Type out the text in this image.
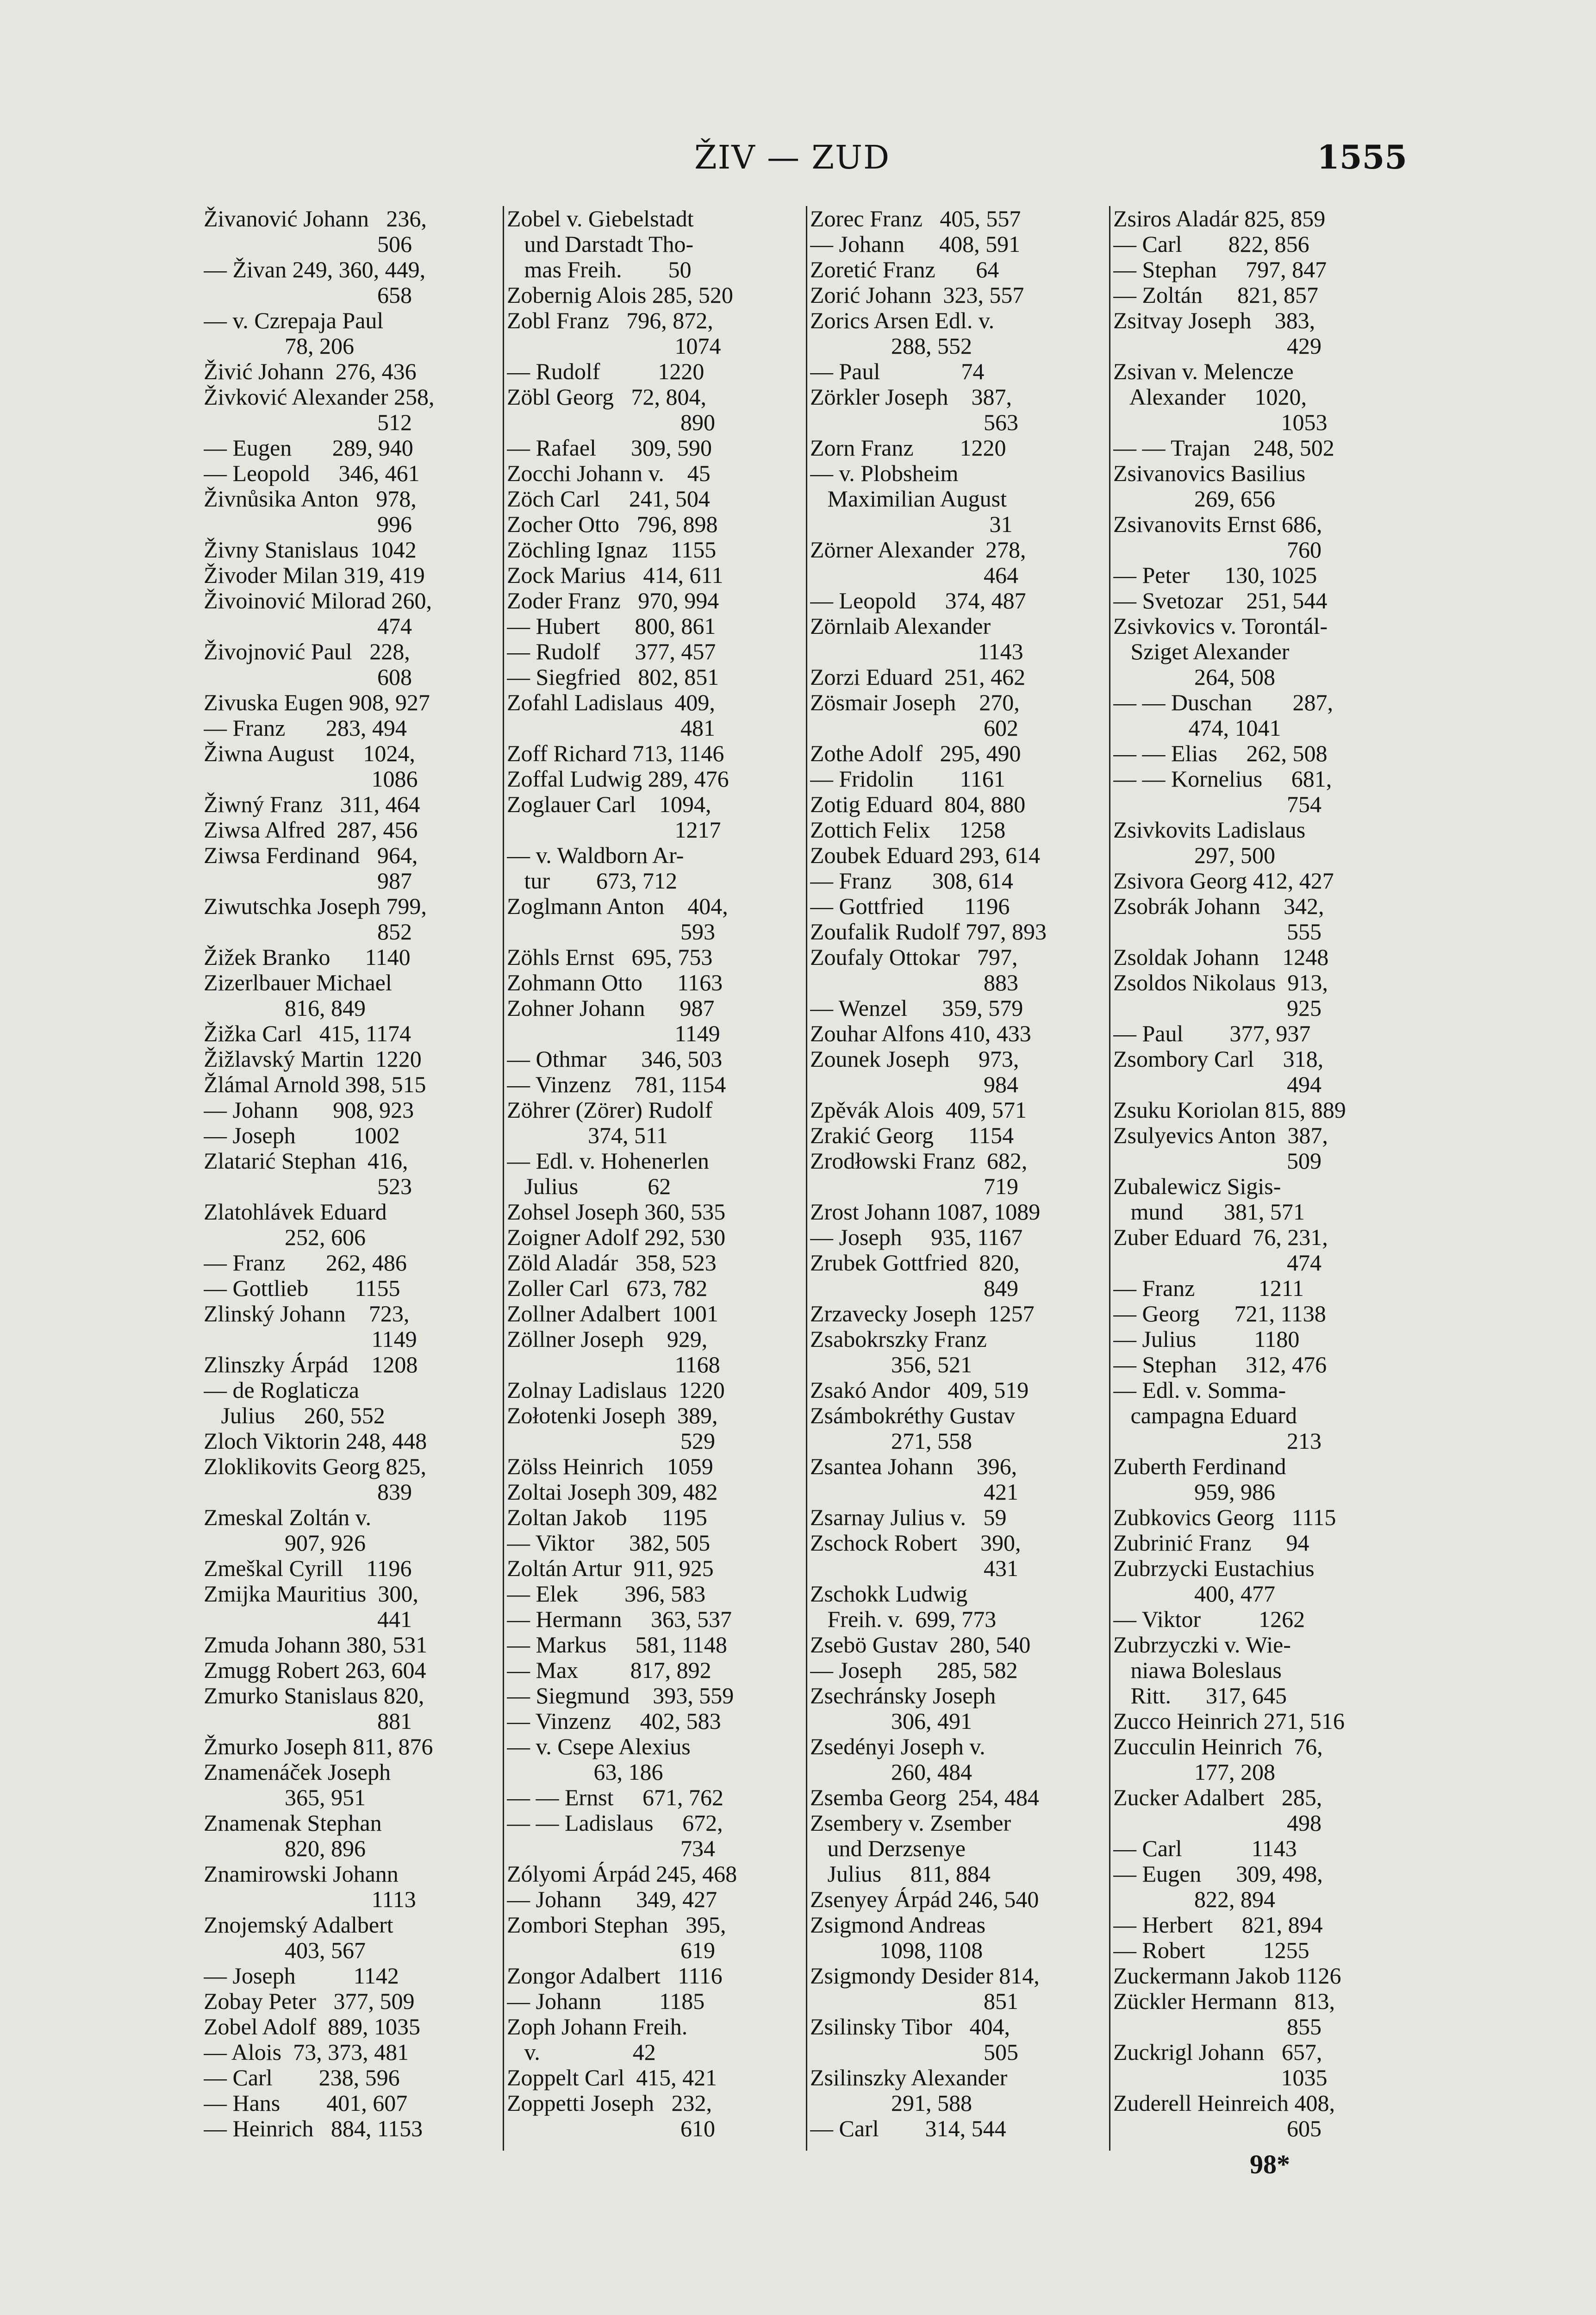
ŽIV — ZUD	1555
Živanović Johann   236,
506
— Živan 249, 360, 449,
658
— v. Czrepaja Paul
78, 206
Živić Johann  276, 436
Živković Alexander 258,
512
— Eugen       289, 940
— Leopold     346, 461
Živnůsika Anton   978,
996
Živny Stanislaus  1042
Živoder Milan 319, 419
Živoinović Milorad 260,
474
Živojnović Paul   228,
608
Zivuska Eugen 908, 927
— Franz       283, 494
Žiwna August     1024,
1086
Žiwný Franz   311, 464
Ziwsa Alfred  287, 456
Ziwsa Ferdinand   964,
987
Ziwutschka Joseph 799,
852
Žižek Branko      1140
Zizerlbauer Michael
816, 849
Žižka Carl   415, 1174
Žižlavský Martin  1220
Žlámal Arnold 398, 515
— Johann      908, 923
— Joseph          1002
Zlatarić Stephan  416,
523
Zlatohlávek Eduard
252, 606
— Franz       262, 486
— Gottlieb        1155
Zlinský Johann    723,
1149
Zlinszky Árpád    1208
— de Roglaticza
Julius     260, 552
Zloch Viktorin 248, 448
Zloklikovits Georg 825,
839
Zmeskal Zoltán v.
907, 926
Zmeškal Cyrill    1196
Zmijka Mauritius  300,
441
Zmuda Johann 380, 531
Zmugg Robert 263, 604
Zmurko Stanislaus 820,
881
Žmurko Joseph 811, 876
Znamenáček Joseph
365, 951
Znamenak Stephan
820, 896
Znamirowski Johann
1113
Znojemský Adalbert
403, 567
— Joseph          1142
Zobay Peter   377, 509
Zobel Adolf  889, 1035
— Alois  73, 373, 481
— Carl        238, 596
— Hans        401, 607
— Heinrich   884, 1153
Zobel v. Giebelstadt
und Darstadt Tho-
mas Freih.        50
Zobernig Alois 285, 520
Zobl Franz   796, 872,
1074
— Rudolf          1220
Zöbl Georg   72, 804,
890
— Rafael      309, 590
Zocchi Johann v.    45
Zöch Carl     241, 504
Zocher Otto   796, 898
Zöchling Ignaz    1155
Zock Marius   414, 611
Zoder Franz   970, 994
— Hubert      800, 861
— Rudolf      377, 457
— Siegfried   802, 851
Zofahl Ladislaus  409,
481
Zoff Richard 713, 1146
Zoffal Ludwig 289, 476
Zoglauer Carl    1094,
1217
— v. Waldborn Ar-
tur        673, 712
Zoglmann Anton    404,
593
Zöhls Ernst   695, 753
Zohmann Otto      1163
Zohner Johann      987
1149
— Othmar      346, 503
— Vinzenz    781, 1154
Zöhrer (Zörer) Rudolf
374, 511
— Edl. v. Hohenerlen
Julius            62
Zohsel Joseph 360, 535
Zoigner Adolf 292, 530
Zöld Aladár   358, 523
Zoller Carl   673, 782
Zollner Adalbert  1001
Zöllner Joseph    929,
1168
Zolnay Ladislaus  1220
Zołotenki Joseph  389,
529
Zölss Heinrich    1059
Zoltai Joseph 309, 482
Zoltan Jakob      1195
— Viktor      382, 505
Zoltán Artur  911, 925
— Elek        396, 583
— Hermann     363, 537
— Markus     581, 1148
— Max         817, 892
— Siegmund    393, 559
— Vinzenz     402, 583
— v. Csepe Alexius
63, 186
— — Ernst     671, 762
— — Ladislaus     672,
734
Zólyomi Árpád 245, 468
— Johann      349, 427
Zombori Stephan   395,
619
Zongor Adalbert   1116
— Johann          1185
Zoph Johann Freih.
v.                42
Zoppelt Carl  415, 421
Zoppetti Joseph   232,
610
Zorec Franz   405, 557
— Johann      408, 591
Zoretić Franz       64
Zorić Johann  323, 557
Zorics Arsen Edl. v.
288, 552
— Paul              74
Zörkler Joseph    387,
563
Zorn Franz        1220
— v. Plobsheim
Maximilian August
31
Zörner Alexander  278,
464
— Leopold     374, 487
Zörnlaib Alexander
1143
Zorzi Eduard  251, 462
Zösmair Joseph    270,
602
Zothe Adolf   295, 490
— Fridolin        1161
Zotig Eduard  804, 880
Zottich Felix     1258
Zoubek Eduard 293, 614
— Franz       308, 614
— Gottfried       1196
Zoufalik Rudolf 797, 893
Zoufaly Ottokar   797,
883
— Wenzel      359, 579
Zouhar Alfons 410, 433
Zounek Joseph     973,
984
Zpěvák Alois  409, 571
Zrakić Georg      1154
Zrodłowski Franz  682,
719
Zrost Johann 1087, 1089
— Joseph     935, 1167
Zrubek Gottfried  820,
849
Zrzavecky Joseph  1257
Zsabokrszky Franz
356, 521
Zsakó Andor   409, 519
Zsámbokréthy Gustav
271, 558
Zsantea Johann    396,
421
Zsarnay Julius v.   59
Zschock Robert    390,
431
Zschokk Ludwig
Freih. v.  699, 773
Zsebö Gustav  280, 540
— Joseph      285, 582
Zsechránsky Joseph
306, 491
Zsedényi Joseph v.
260, 484
Zsemba Georg  254, 484
Zsembery v. Zsember
und Derzsenye
Julius     811, 884
Zsenyey Árpád 246, 540
Zsigmond Andreas
1098, 1108
Zsigmondy Desider 814,
851
Zsilinsky Tibor   404,
505
Zsilinszky Alexander
291, 588
— Carl        314, 544
Zsiros Aladár 825, 859
— Carl        822, 856
— Stephan     797, 847
— Zoltán      821, 857
Zsitvay Joseph    383,
429
Zsivan v. Melencze
Alexander     1020,
1053
— — Trajan    248, 502
Zsivanovics Basilius
269, 656
Zsivanovits Ernst 686,
760
— Peter      130, 1025
— Svetozar    251, 544
Zsivkovics v. Torontál-
Sziget Alexander
264, 508
— — Duschan       287,
474, 1041
— — Elias     262, 508
— — Kornelius     681,
754
Zsivkovits Ladislaus
297, 500
Zsivora Georg 412, 427
Zsobrák Johann    342,
555
Zsoldak Johann    1248
Zsoldos Nikolaus  913,
925
— Paul        377, 937
Zsombory Carl     318,
494
Zsuku Koriolan 815, 889
Zsulyevics Anton  387,
509
Zubalewicz Sigis-
mund       381, 571
Zuber Eduard  76, 231,
474
— Franz           1211
— Georg      721, 1138
— Julius          1180
— Stephan     312, 476
— Edl. v. Somma-
campagna Eduard
213
Zuberth Ferdinand
959, 986
Zubkovics Georg   1115
Zubrinić Franz      94
Zubrzycki Eustachius
400, 477
— Viktor          1262
Zubrzyczki v. Wie-
niawa Boleslaus
Ritt.      317, 645
Zucco Heinrich 271, 516
Zucculin Heinrich  76,
177, 208
Zucker Adalbert   285,
498
— Carl            1143
— Eugen      309, 498,
822, 894
— Herbert     821, 894
— Robert          1255
Zuckermann Jakob 1126
Zückler Hermann   813,
855
Zuckrigl Johann   657,
1035
Zuderell Heinreich 408,
605
98*
